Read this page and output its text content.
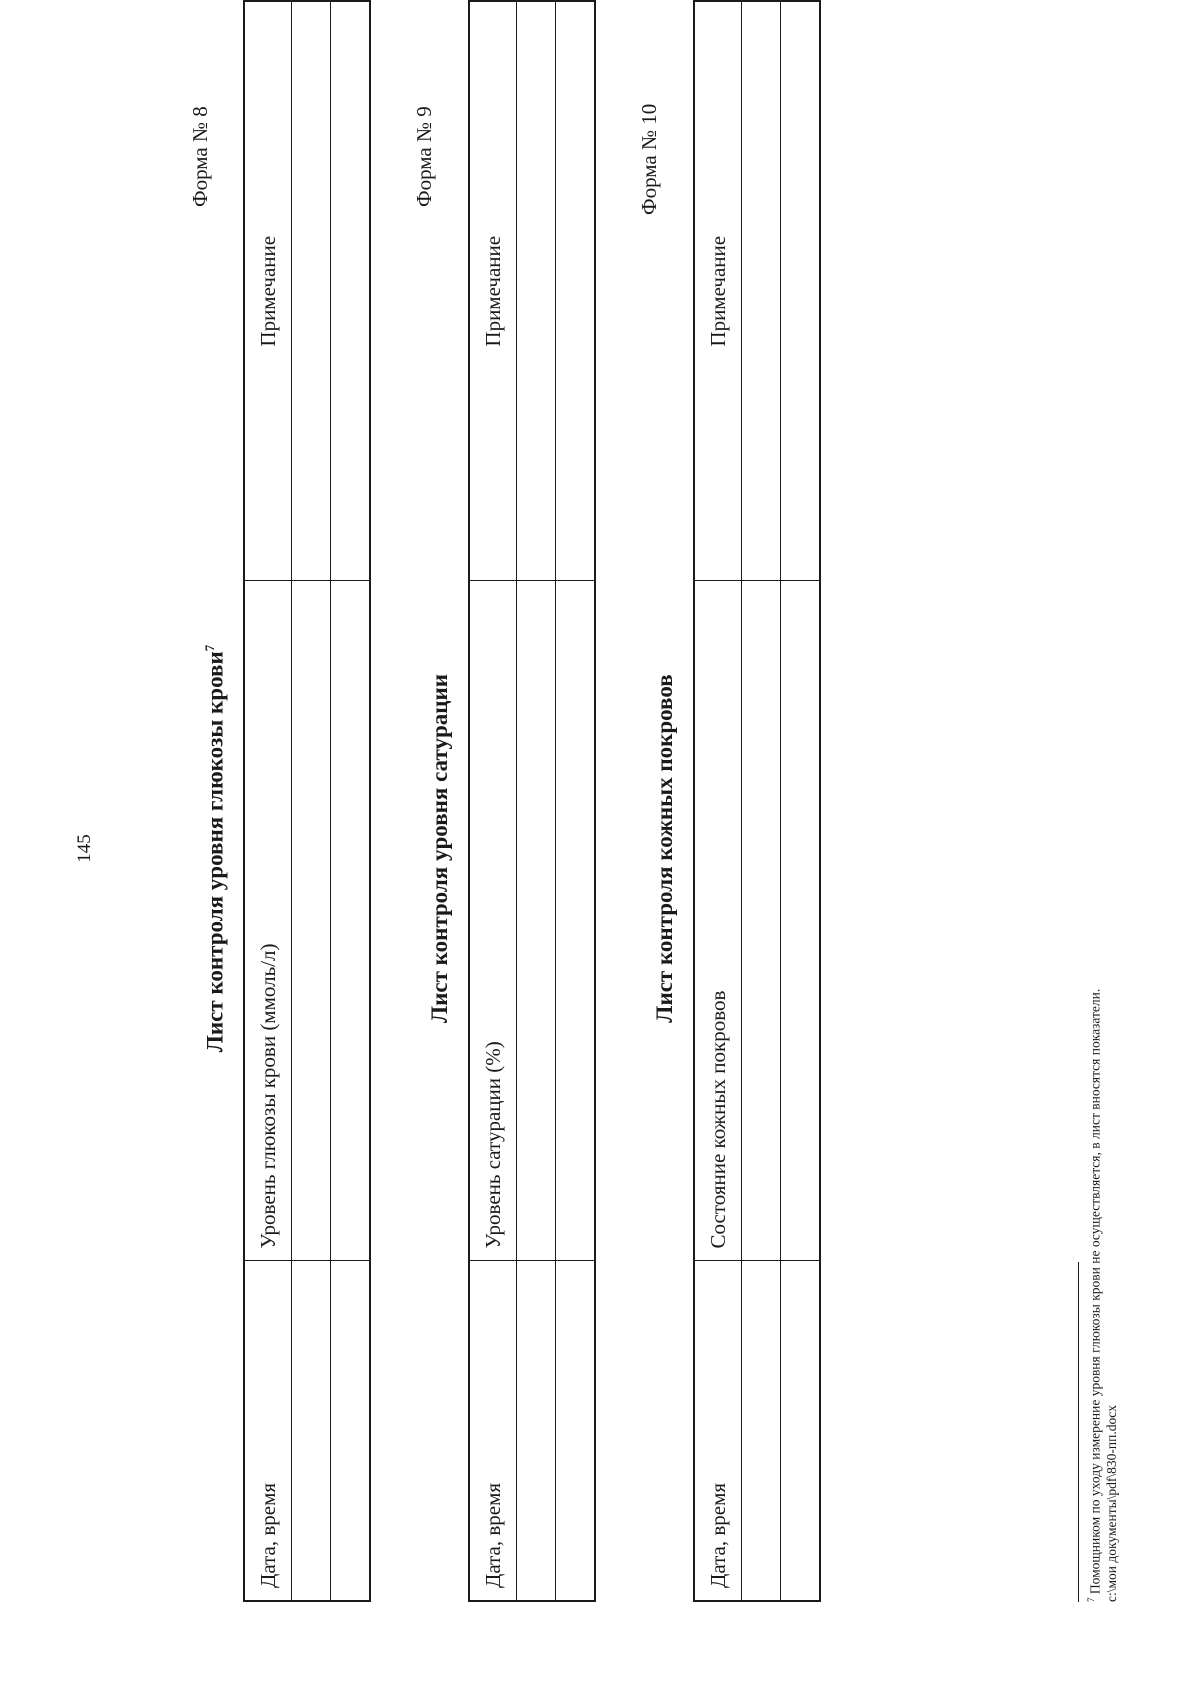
145
Форма № 8
Лист контроля уровня глюкозы крови$^7$
Дата, время	Уровень глюкозы крови (ммоль/л)	Примечание

Форма № 9
Лист контроля уровня сатурации
Дата, время	Уровень сатурации (%)	Примечание

Форма № 10
Лист контроля кожных покровов
Дата, время	Состояние кожных покровов	Примечание

$^7$ Помощником по уходу измерение уровня глюкозы крови не осуществляется, в лист вносятся показатели. c:\мои документы\pdf\830-пп.docx
